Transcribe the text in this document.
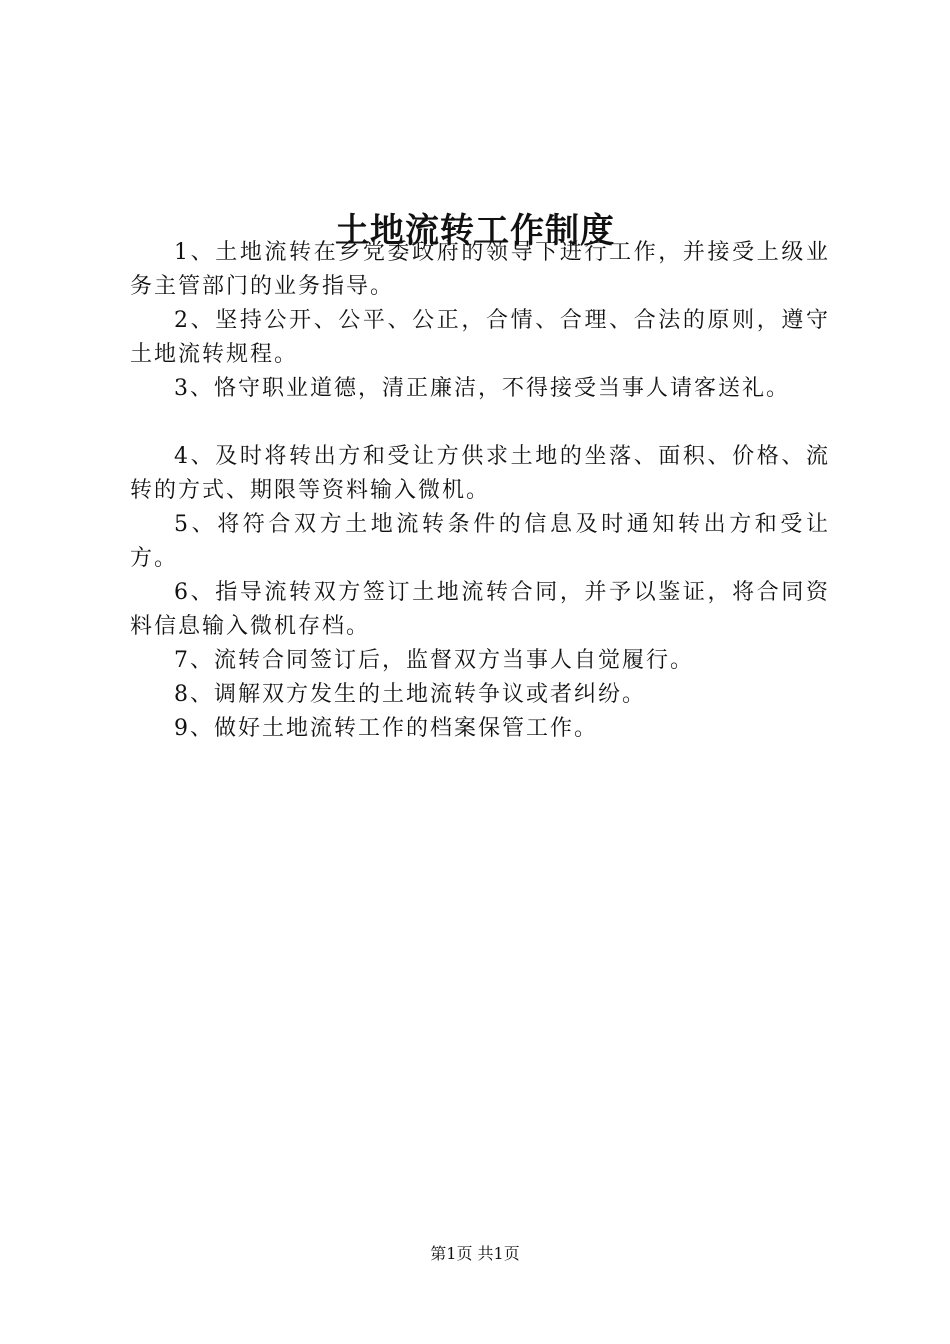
土地流转工作制度

1、土地流转在乡党委政府的领导下进行工作，并接受上级业务主管部门的业务指导。

2、坚持公开、公平、公正，合情、合理、合法的原则，遵守土地流转规程。

3、恪守职业道德，清正廉洁，不得接受当事人请客送礼。

4、及时将转出方和受让方供求土地的坐落、面积、价格、流转的方式、期限等资料输入微机。

5、将符合双方土地流转条件的信息及时通知转出方和受让方。

6、指导流转双方签订土地流转合同，并予以鉴证，将合同资料信息输入微机存档。

7、流转合同签订后，监督双方当事人自觉履行。

8、调解双方发生的土地流转争议或者纠纷。

9、做好土地流转工作的档案保管工作。

第1页 共1页
